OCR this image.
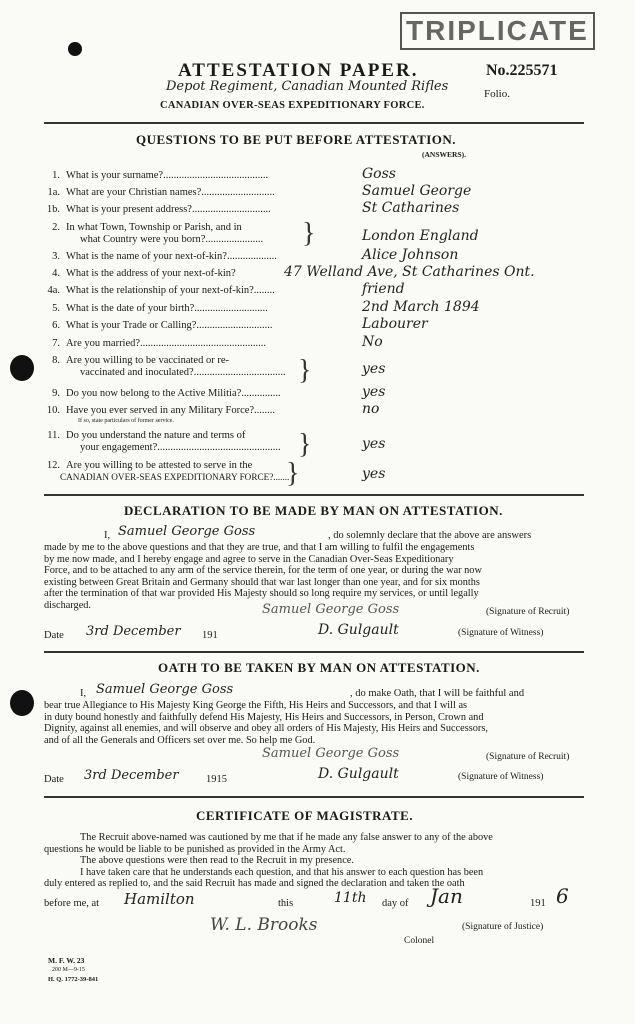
TRIPLICATE
ATTESTATION PAPER.	No.225571
Folio.
Depot Regiment, Canadian Mounted Rifles
CANADIAN OVER-SEAS EXPEDITIONARY FORCE.
QUESTIONS TO BE PUT BEFORE ATTESTATION.
(ANSWERS).
1. What is your surname?........................................	Goss
1a. What are your Christian names?............................	Samuel George
1b. What is your present address?..............................	St Catharines
2. In what Town, Township or Parish, and in
what Country were you born?......................	London England
3. What is the name of your next-of-kin?...................	Alice Johnson
4. What is the address of your next-of-kin?	47 Welland Ave, St Catharines Ont.
4a. What is the relationship of your next-of-kin?........	friend
5. What is the date of your birth?............................	2nd March 1894
6. What is your Trade or Calling?.............................	Labourer
7. Are you married?................................................	No
8. Are you willing to be vaccinated or re-
vaccinated and inoculated?...................................	yes
9. Do you now belong to the Active Militia?...............	yes
10. Have you ever served in any Military Force?........	no
11. Do you understand the nature and terms of
your engagement?...............................................	yes
12. Are you willing to be attested to serve in the
CANADIAN OVER-SEAS EXPEDITIONARY FORCE?.......	yes
If so, state particulars of former service.
}
}
}
}
DECLARATION TO BE MADE BY MAN ON ATTESTATION.
I, Samuel George Goss	, do solemnly declare that the above are answers
made by me to the above questions and that they are true, and that I am willing to fulfil the engagements
by me now made, and I hereby engage and agree to serve in the Canadian Over-Seas Expeditionary
Force, and to be attached to any arm of the service therein, for the term of one year, or during the war now
existing between Great Britain and Germany should that war last longer than one year, and for six months
after the termination of that war provided His Majesty should so long require my services, or until legally
discharged.	Samuel George Goss	(Signature of Recruit)
Date 3rd December 191	D. Gulgault	(Signature of Witness)
OATH TO BE TAKEN BY MAN ON ATTESTATION.
I, Samuel George Goss	, do make Oath, that I will be faithful and
bear true Allegiance to His Majesty King George the Fifth, His Heirs and Successors, and that I will as
in duty bound honestly and faithfully defend His Majesty, His Heirs and Successors, in Person, Crown and
Dignity, against all enemies, and will observe and obey all orders of His Majesty, His Heirs and Successors,
and of all the Generals and Officers set over me. So help me God.
Samuel George Goss	(Signature of Recruit)
Date 3rd December	1915	D. Gulgault	(Signature of Witness)
CERTIFICATE OF MAGISTRATE.
The Recruit above-named was cautioned by me that if he made any false answer to any of the above
questions he would be liable to be punished as provided in the Army Act.
The above questions were then read to the Recruit in my presence.
I have taken care that he understands each question, and that his answer to each question has been
duly entered as replied to, and the said Recruit has made and signed the declaration and taken the oath
before me, at Hamilton	this	11th day of Jan	191 6
W. L. Brooks	(Signature of Justice)
Colonel
M. F. W. 23
200 M—9-15
H. Q. 1772-39-841
